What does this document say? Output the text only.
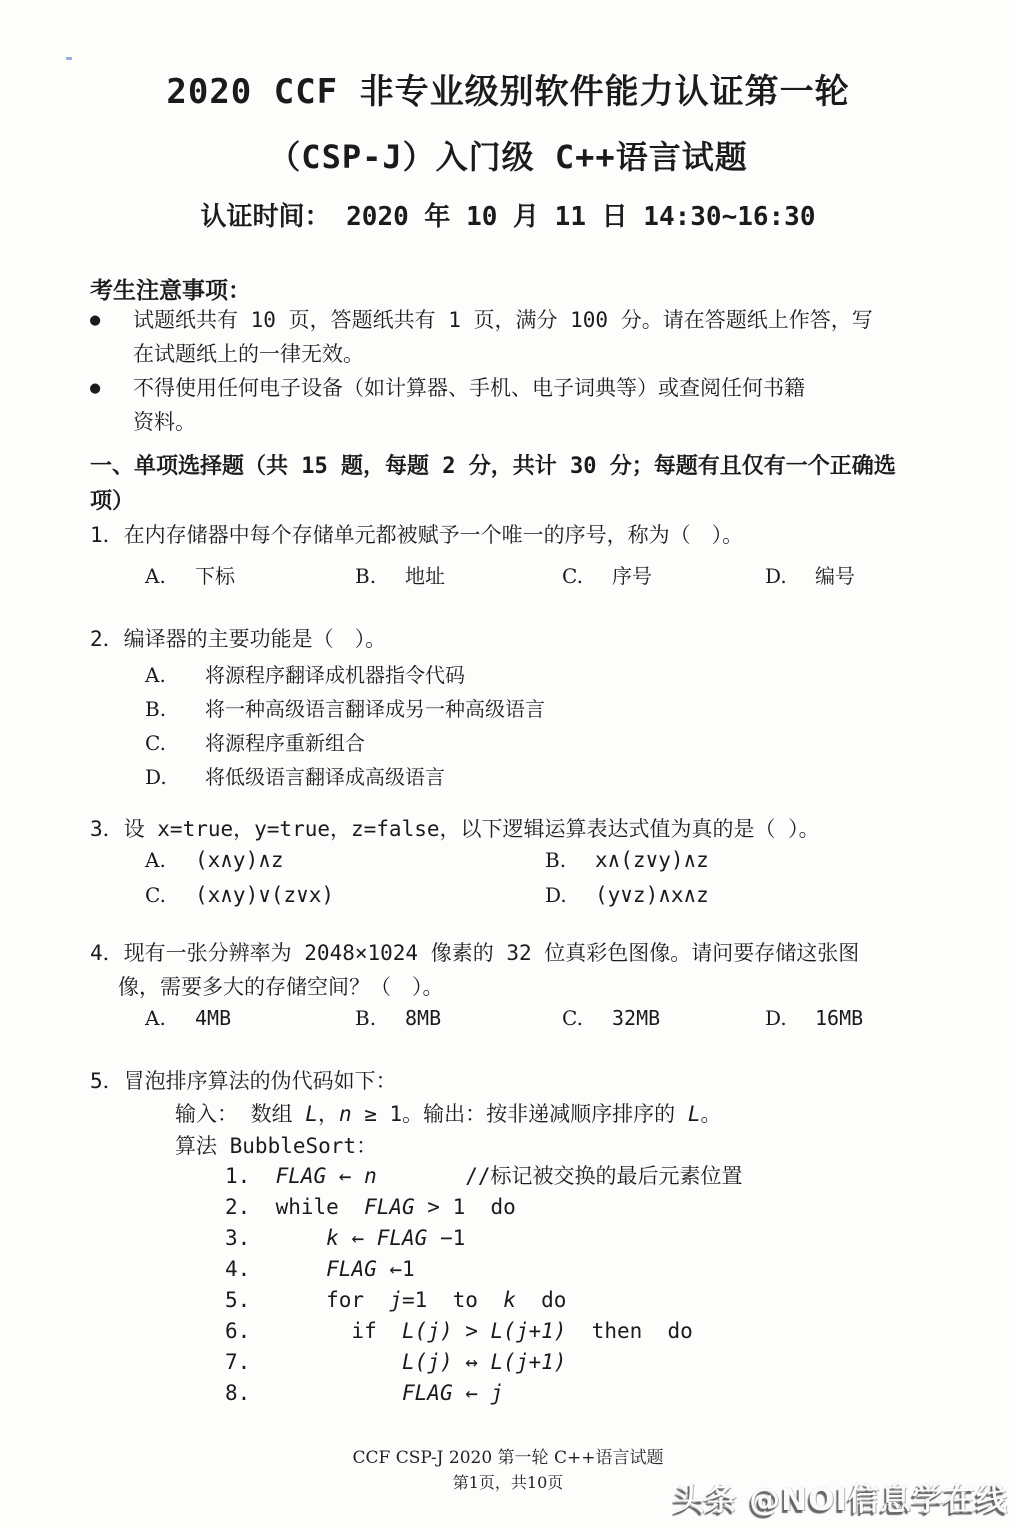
2020 CCF 非专业级别软件能力认证第一轮
（CSP-J）入门级 C++语言试题
认证时间： 2020 年 10 月 11 日 14:30~16:30
考生注意事项：
●	试题纸共有 10 页，答题纸共有 1 页，满分 100 分。请在答题纸上作答，写
在试题纸上的一律无效。
●	不得使用任何电子设备（如计算器、手机、电子词典等）或查阅任何书籍
资料。
一、单项选择题（共 15 题，每题 2 分，共计 30 分；每题有且仅有一个正确选
项）
1．在内存储器中每个存储单元都被赋予一个唯一的序号，称为（　）。
A. 下标	B. 地址	C. 序号	D. 编号
2．编译器的主要功能是（　）。
A. 将源程序翻译成机器指令代码
B. 将一种高级语言翻译成另一种高级语言
C. 将源程序重新组合
D. 将低级语言翻译成高级语言
3．设 x=true，y=true，z=false，以下逻辑运算表达式值为真的是（ ）。
A. (x∧y)∧z	B. x∧(z∨y)∧z
C. (x∧y)∨(z∨x)	D. (y∨z)∧x∧z
4．现有一张分辨率为 2048×1024 像素的 32 位真彩色图像。请问要存储这张图
像，需要多大的存储空间？（　）。
A. 4MB	B. 8MB	C. 32MB	D. 16MB
5．冒泡排序算法的伪代码如下：
输入： 数组 L，n ≥ 1。输出：按非递减顺序排序的 L。
算法 BubbleSort：
1.  FLAG ← n       //标记被交换的最后元素位置
2.  while  FLAG > 1  do
3.      k ← FLAG −1
4.      FLAG ←1
5.      for  j=1  to  k  do
6.        if  L(j) > L(j+1)  then  do
7.            L(j) ↔ L(j+1)
8.            FLAG ← j
CCF CSP-J 2020 第一轮 C++语言试题
第1页，共10页	头条 @NOI信息学在线
